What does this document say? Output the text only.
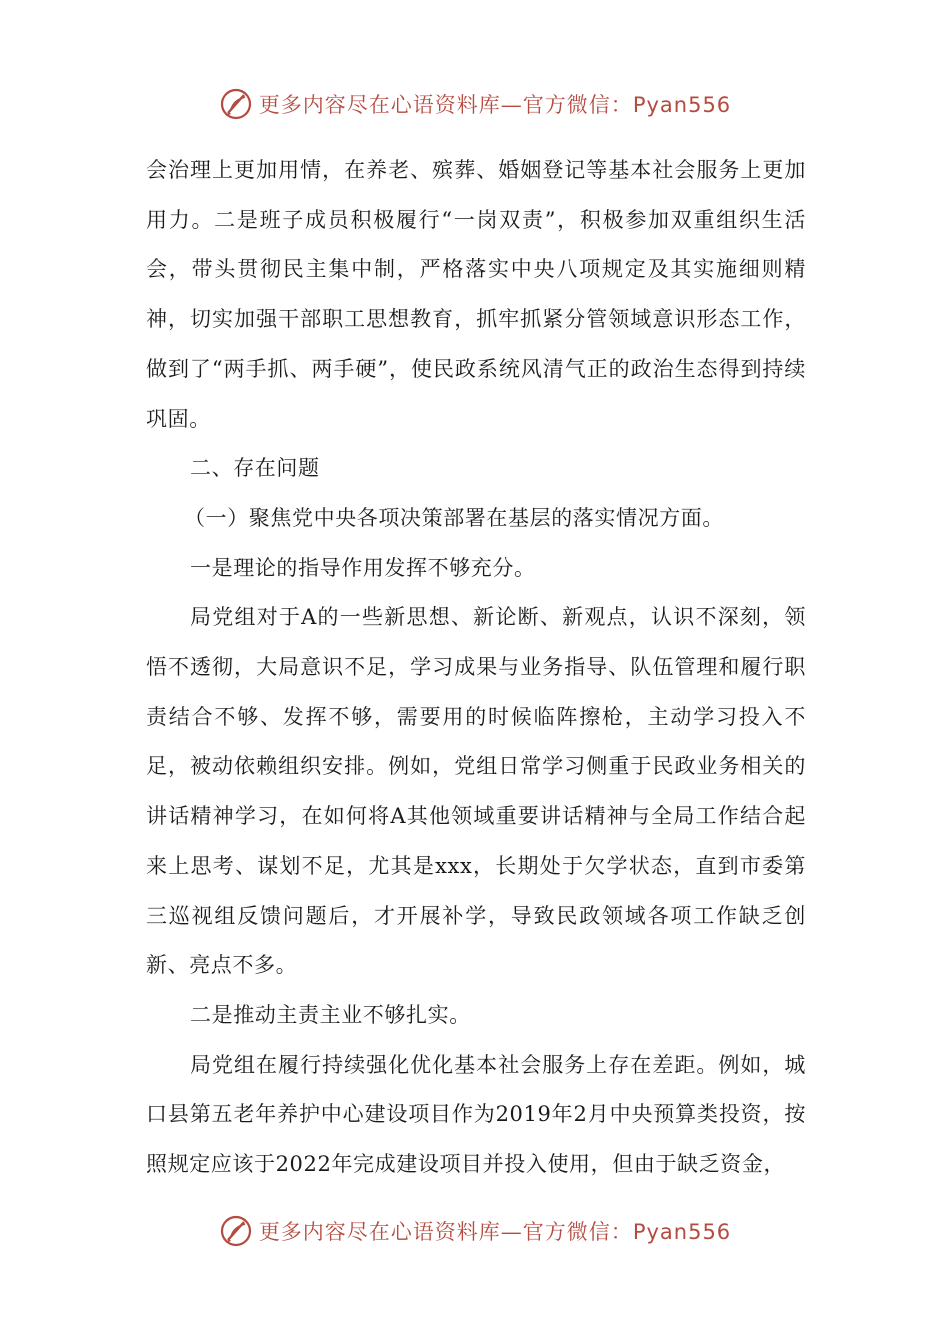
更多内容尽在心语资料库—官方微信：Pyan556

会治理上更加用情，在养老、殡葬、婚姻登记等基本社会服务上更加用力。二是班子成员积极履行“一岗双责”，积极参加双重组织生活会，带头贯彻民主集中制，严格落实中央八项规定及其实施细则精神，切实加强干部职工思想教育，抓牢抓紧分管领域意识形态工作，做到了“两手抓、两手硬”，使民政系统风清气正的政治生态得到持续巩固。

二、存在问题

（一）聚焦党中央各项决策部署在基层的落实情况方面。

一是理论的指导作用发挥不够充分。

局党组对于A的一些新思想、新论断、新观点，认识不深刻，领悟不透彻，大局意识不足，学习成果与业务指导、队伍管理和履行职责结合不够、发挥不够，需要用的时候临阵擦枪，主动学习投入不足，被动依赖组织安排。例如，党组日常学习侧重于民政业务相关的讲话精神学习，在如何将A其他领域重要讲话精神与全局工作结合起来上思考、谋划不足，尤其是xxx，长期处于欠学状态，直到市委第三巡视组反馈问题后，才开展补学，导致民政领域各项工作缺乏创新、亮点不多。

二是推动主责主业不够扎实。

局党组在履行持续强化优化基本社会服务上存在差距。例如，城口县第五老年养护中心建设项目作为2019年2月中央预算类投资，按照规定应该于2022年完成建设项目并投入使用，但由于缺乏资金，

更多内容尽在心语资料库—官方微信：Pyan556
